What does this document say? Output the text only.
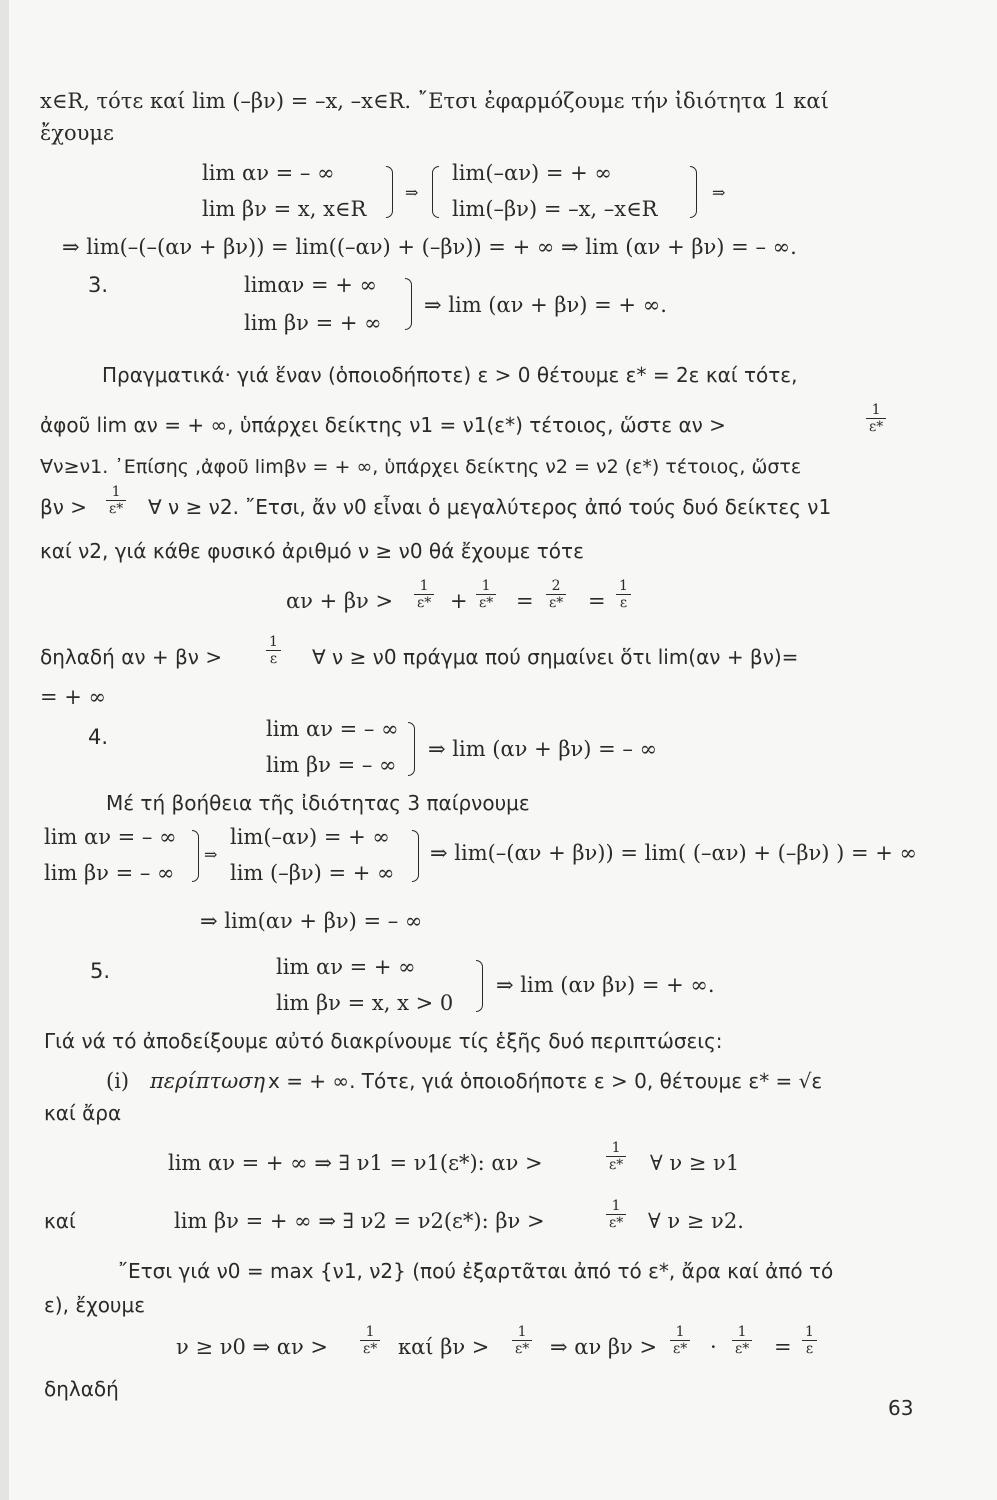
x∈R, τότε καί lim (–βν) = –x, –x∈R. ῎Ετσι ἐφαρμόζουμε τήν ἰδιότητα 1 καί
ἔχουμε
lim αν = – ∞
lim βν = x, x∈R
⇒
lim(–αν) = + ∞
lim(–βν) = –x, –x∈R
⇒
⇒ lim(–(–(αν + βν)) = lim((–αν) + (–βν)) = + ∞ ⇒ lim (αν + βν) = – ∞.
3.	limαν = + ∞
lim βν = + ∞
⇒ lim (αν + βν) = + ∞.
Πραγματικά· γιά ἕναν (ὁποιοδήποτε) ε > 0 θέτουμε ε* = 2ε καί τότε,
ἀφοῦ lim αν = + ∞, ὑπάρχει δείκτης ν1 = ν1(ε*) τέτοιος, ὥστε αν >	$\frac{1}{\varepsilon*}$
∀ν≥ν1. ᾿Επίσης ,ἀφοῦ limβν = + ∞, ὑπάρχει δείκτης ν2 = ν2 (ε*) τέτοιος, ὥστε
$\beta\nu > \frac{1}{\varepsilon*}$ ∀ ν ≥ ν2. ῎Ετσι, ἄν ν0 εἶναι ὁ μεγαλύτερος ἀπό τούς δυό δείκτες ν1
καί ν2, γιά κάθε φυσικό ἀριθμό ν ≥ ν0 θά ἔχουμε τότε
$\alpha\nu + \beta\nu > \frac{1}{\varepsilon*} + \frac{1}{\varepsilon*} = \frac{2}{\varepsilon*} = \frac{1}{\varepsilon}$
δηλαδή αν + βν >	$\frac{1}{\varepsilon}$ ∀ ν ≥ ν0 πράγμα πού σημαίνει ὅτι lim(αν + βν)=
= + ∞
4.	lim αν = – ∞
lim βν = – ∞
⇒ lim (αν + βν) = – ∞
Μέ τή βοήθεια τῆς ἰδιότητας 3 παίρνουμε
lim αν = – ∞
lim βν = – ∞
⇒
lim(–αν) = + ∞
lim (–βν) = + ∞
⇒ lim(–(αν + βν)) = lim( (–αν) + (–βν) ) = + ∞
⇒ lim(αν + βν) = – ∞
5.	lim αν = + ∞
lim βν = x, x > 0
⇒ lim (αν βν) = + ∞.
Γιά νά τό ἀποδείξουμε αὐτό διακρίνουμε τίς ἑξῆς δυό περιπτώσεις:
(i) περίπτωση x = + ∞. Τότε, γιά ὁποιοδήποτε ε > 0, θέτουμε ε* = √ε
καί ἄρα
lim αν = + ∞ ⇒ ∃ ν1 = ν1(ε*): αν >	$\frac{1}{\varepsilon*}$ ∀ ν ≥ ν1
καί	lim βν = + ∞ ⇒ ∃ ν2 = ν2(ε*): βν >	$\frac{1}{\varepsilon*}$ ∀ ν ≥ ν2.
῎Ετσι γιά ν0 = max {ν1, ν2} (πού ἐξαρτᾶται ἀπό τό ε*, ἄρα καί ἀπό τό
ε), ἔχουμε
ν ≥ ν0 ⇒ $\alpha\nu > \frac{1}{\varepsilon*}$ καί $\beta\nu > \frac{1}{\varepsilon*}$ ⇒ αν $\beta\nu > \frac{1}{\varepsilon*} \cdot \frac{1}{\varepsilon*} = \frac{1}{\varepsilon}$
δηλαδή
63
